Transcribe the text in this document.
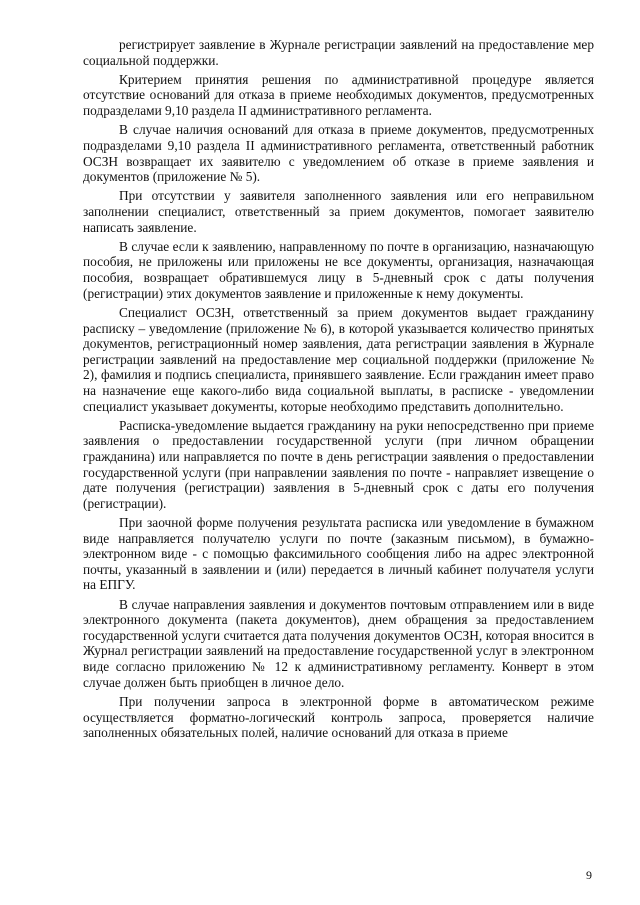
регистрирует заявление в Журнале регистрации заявлений на предоставление мер социальной поддержки.

Критерием принятия решения по административной процедуре является отсутствие оснований для отказа в приеме необходимых документов, предусмотренных подразделами 9,10 раздела II административного регламента.

В случае наличия оснований для отказа в приеме документов, предусмотренных подразделами 9,10 раздела II административного регламента, ответственный работник ОСЗН возвращает их заявителю с уведомлением об отказе в приеме заявления и документов (приложение № 5).

При отсутствии у заявителя заполненного заявления или его неправильном заполнении специалист, ответственный за прием документов, помогает заявителю написать заявление.

В случае если к заявлению, направленному по почте в организацию, назначающую пособия, не приложены или приложены не все документы, организация, назначающая пособия, возвращает обратившемуся лицу в 5-дневный срок с даты получения (регистрации) этих документов заявление и приложенные к нему документы.

Специалист ОСЗН, ответственный за прием документов выдает гражданину расписку – уведомление (приложение № 6), в которой указывается количество принятых документов, регистрационный номер заявления, дата регистрации заявления в Журнале регистрации заявлений на предоставление мер социальной поддержки (приложение № 2), фамилия и подпись специалиста, принявшего заявление. Если гражданин имеет право на назначение еще какого-либо вида социальной выплаты, в расписке - уведомлении специалист указывает документы, которые необходимо представить дополнительно.

Расписка-уведомление выдается гражданину на руки непосредственно при приеме заявления о предоставлении государственной услуги (при личном обращении гражданина) или направляется по почте в день регистрации заявления о предоставлении государственной услуги (при направлении заявления по почте - направляет извещение о дате получения (регистрации) заявления в 5-дневный срок с даты его получения (регистрации).

При заочной форме получения результата расписка или уведомление в бумажном виде направляется получателю услуги по почте (заказным письмом), в бумажно-электронном виде - с помощью факсимильного сообщения либо на адрес электронной почты, указанный в заявлении и (или) передается в личный кабинет получателя услуги на ЕПГУ.

В случае направления заявления и документов почтовым отправлением или в виде электронного документа (пакета документов), днем обращения за предоставлением государственной услуги считается дата получения документов ОСЗН, которая вносится в Журнал регистрации заявлений на предоставление государственной услуг в электронном виде согласно приложению № 12 к административному регламенту. Конверт в этом случае должен быть приобщен в личное дело.

При получении запроса в электронной форме в автоматическом режиме осуществляется форматно-логический контроль запроса, проверяется наличие заполненных обязательных полей, наличие оснований для отказа в приеме

9
